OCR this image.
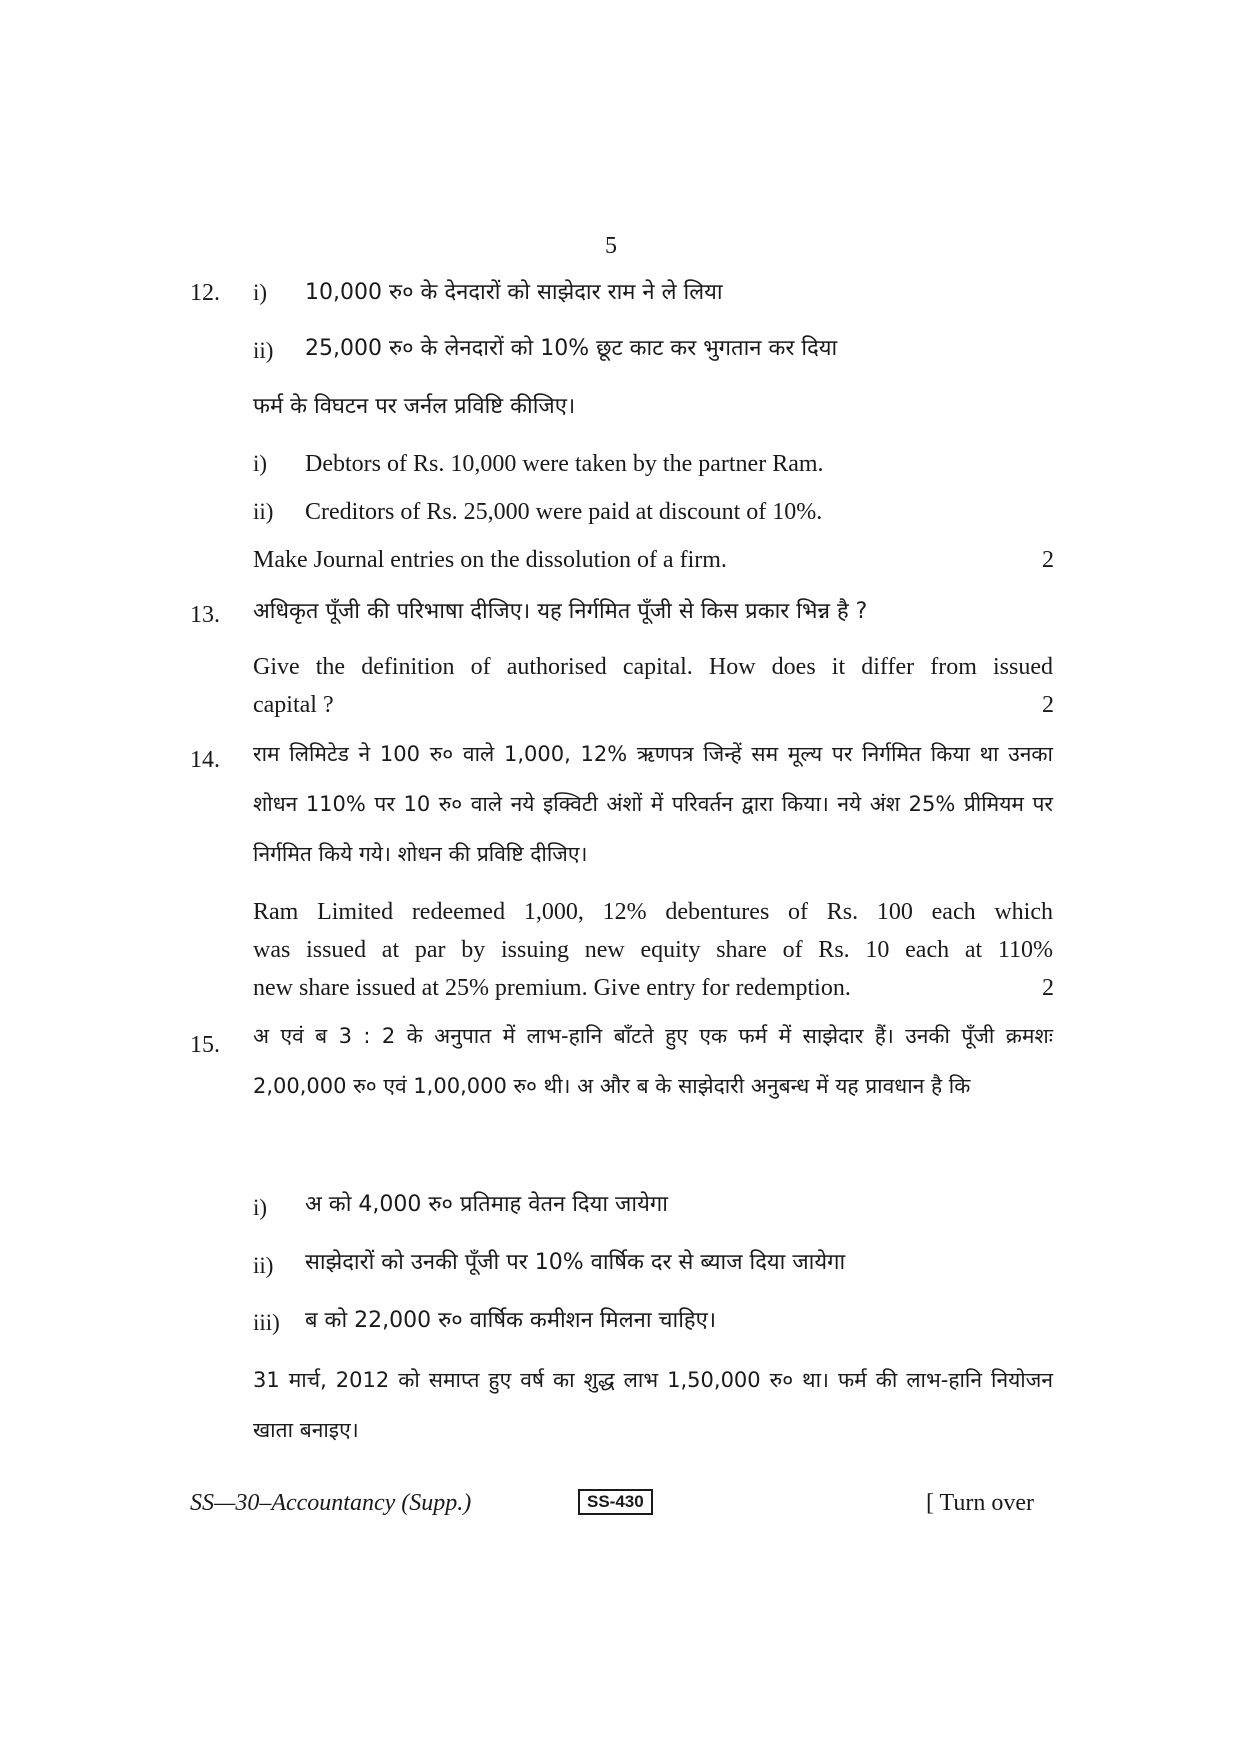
5
12. i) 10,000 रु० के देनदारों को साझेदार राम ने ले लिया
ii) 25,000 रु० के लेनदारों को 10% छूट काट कर भुगतान कर दिया
फर्म के विघटन पर जर्नल प्रविष्टि कीजिए।
i) Debtors of Rs. 10,000 were taken by the partner Ram.
ii) Creditors of Rs. 25,000 were paid at discount of 10%.
Make Journal entries on the dissolution of a firm.	2
13. अधिकृत पूँजी की परिभाषा दीजिए। यह निर्गमित पूँजी से किस प्रकार भिन्न है ?
Give the definition of authorised capital. How does it differ from issued
capital ?	2
14. राम लिमिटेड ने 100 रु० वाले 1,000, 12% ऋणपत्र जिन्हें सम मूल्य पर निर्गमित किया था उनका शोधन 110% पर 10 रु० वाले नये इक्विटी अंशों में परिवर्तन द्वारा किया। नये अंश 25% प्रीमियम पर निर्गमित किये गये। शोधन की प्रविष्टि दीजिए।
Ram Limited redeemed 1,000, 12% debentures of Rs. 100 each which
was issued at par by issuing new equity share of Rs. 10 each at 110%
new share issued at 25% premium. Give entry for redemption.	2
15. अ एवं ब 3 : 2 के अनुपात में लाभ-हानि बाँटते हुए एक फर्म में साझेदार हैं। उनकी पूँजी क्रमशः 2,00,000 रु० एवं 1,00,000 रु० थी। अ और ब के साझेदारी अनुबन्ध में यह प्रावधान है कि
i) अ को 4,000 रु० प्रतिमाह वेतन दिया जायेगा
ii) साझेदारों को उनकी पूँजी पर 10% वार्षिक दर से ब्याज दिया जायेगा
iii) ब को 22,000 रु० वार्षिक कमीशन मिलना चाहिए।
31 मार्च, 2012 को समाप्त हुए वर्ष का शुद्ध लाभ 1,50,000 रु० था। फर्म की लाभ-हानि नियोजन खाता बनाइए।
SS—30–Accountancy (Supp.)	SS-430	[ Turn over
